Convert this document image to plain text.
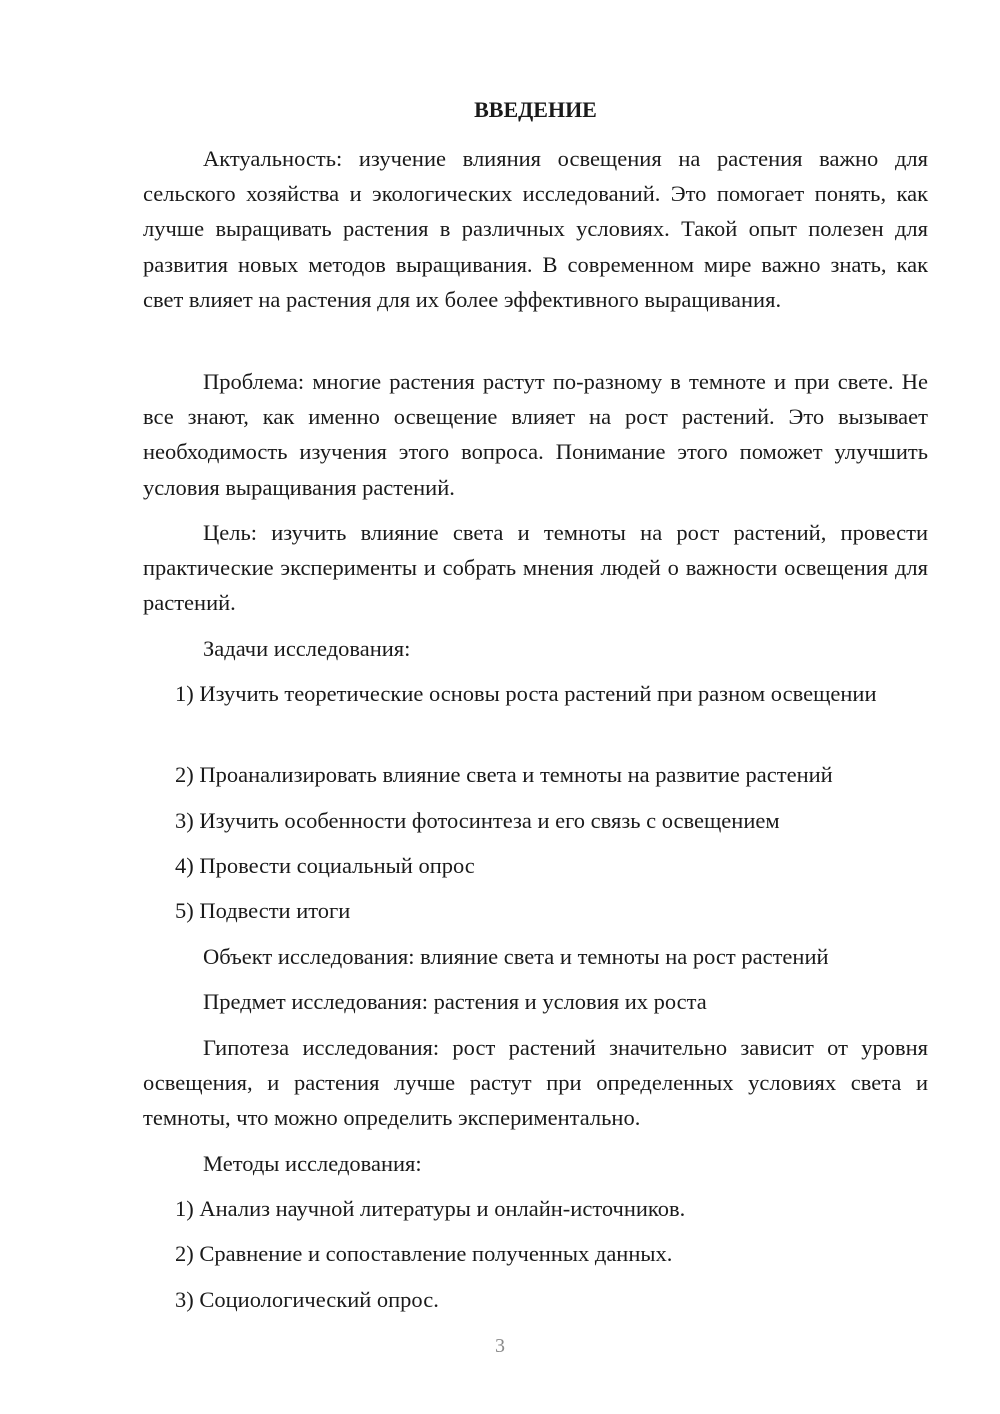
ВВЕДЕНИЕ

Актуальность: изучение влияния освещения на растения важно для сельского хозяйства и экологических исследований. Это помогает понять, как лучше выращивать растения в различных условиях. Такой опыт полезен для развития новых методов выращивания. В современном мире важно знать, как свет влияет на растения для их более эффективного выращивания.

Проблема: многие растения растут по-разному в темноте и при свете. Не все знают, как именно освещение влияет на рост растений. Это вызывает необходимость изучения этого вопроса. Понимание этого поможет улучшить условия выращивания растений.

Цель: изучить влияние света и темноты на рост растений, провести практические эксперименты и собрать мнения людей о важности освещения для растений.

Задачи исследования:

1) Изучить теоретические основы роста растений при разном освещении

2) Проанализировать влияние света и темноты на развитие растений

3) Изучить особенности фотосинтеза и его связь с освещением

4) Провести социальный опрос

5) Подвести итоги

Объект исследования: влияние света и темноты на рост растений

Предмет исследования: растения и условия их роста

Гипотеза исследования: рост растений значительно зависит от уровня освещения, и растения лучше растут при определенных условиях света и темноты, что можно определить экспериментально.

Методы исследования:

1) Анализ научной литературы и онлайн-источников.

2) Сравнение и сопоставление полученных данных.

3) Социологический опрос.

3
